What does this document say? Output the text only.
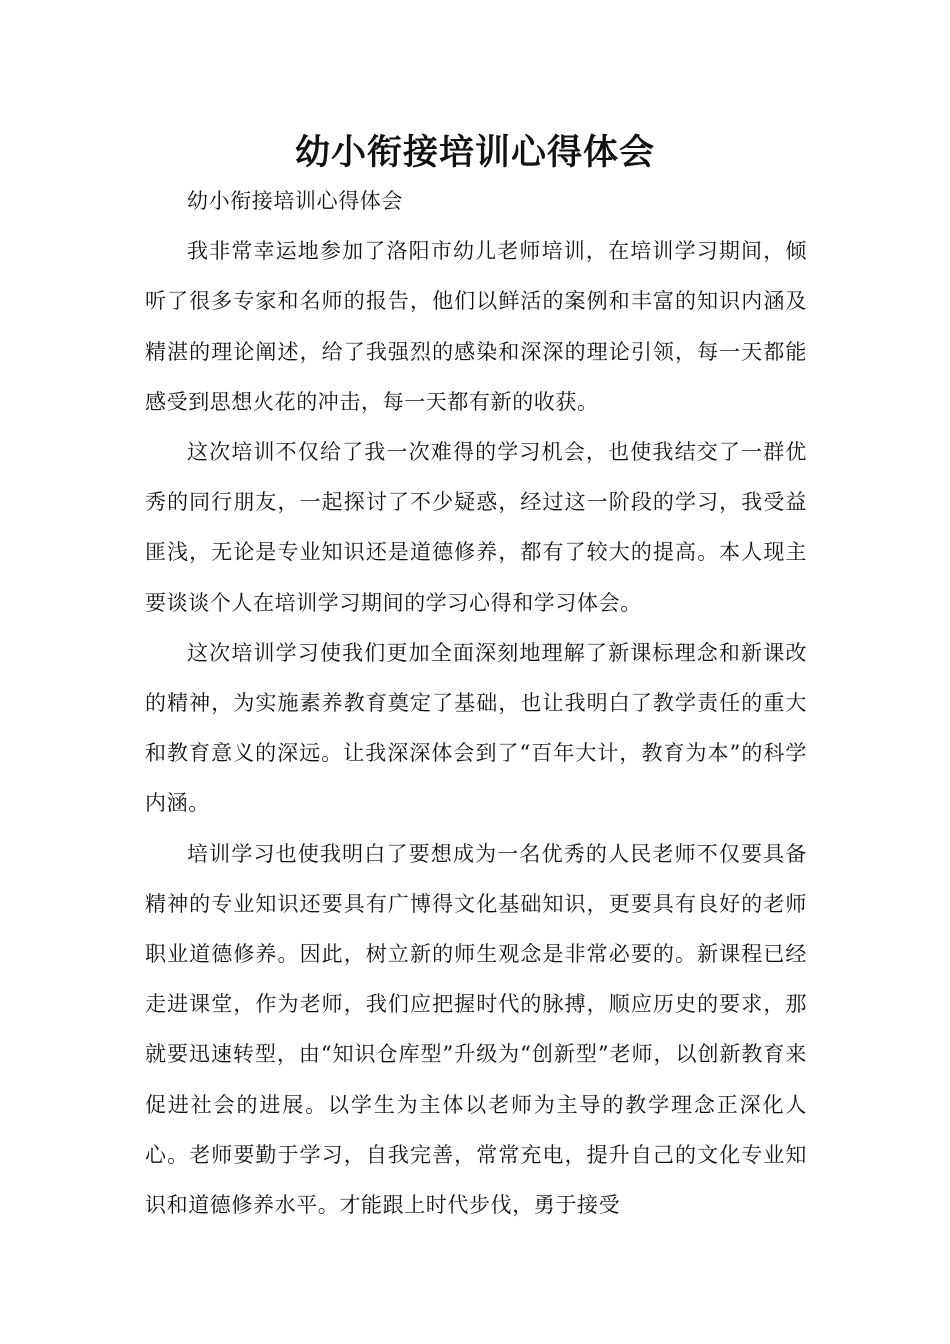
幼小衔接培训心得体会

幼小衔接培训心得体会

我非常幸运地参加了洛阳市幼儿老师培训，在培训学习期间，倾听了很多专家和名师的报告，他们以鲜活的案例和丰富的知识内涵及精湛的理论阐述，给了我强烈的感染和深深的理论引领，每一天都能感受到思想火花的冲击，每一天都有新的收获。

这次培训不仅给了我一次难得的学习机会，也使我结交了一群优秀的同行朋友，一起探讨了不少疑惑，经过这一阶段的学习，我受益匪浅，无论是专业知识还是道德修养，都有了较大的提高。本人现主要谈谈个人在培训学习期间的学习心得和学习体会。

这次培训学习使我们更加全面深刻地理解了新课标理念和新课改的精神，为实施素养教育奠定了基础，也让我明白了教学责任的重大和教育意义的深远。让我深深体会到了“百年大计，教育为本”的科学内涵。

培训学习也使我明白了要想成为一名优秀的人民老师不仅要具备精神的专业知识还要具有广博得文化基础知识，更要具有良好的老师职业道德修养。因此，树立新的师生观念是非常必要的。新课程已经走进课堂，作为老师，我们应把握时代的脉搏，顺应历史的要求，那就要迅速转型，由“知识仓库型”升级为“创新型”老师，以创新教育来促进社会的进展。以学生为主体以老师为主导的教学理念正深化人心。老师要勤于学习，自我完善，常常充电，提升自己的文化专业知识和道德修养水平。才能跟上时代步伐，勇于接受
